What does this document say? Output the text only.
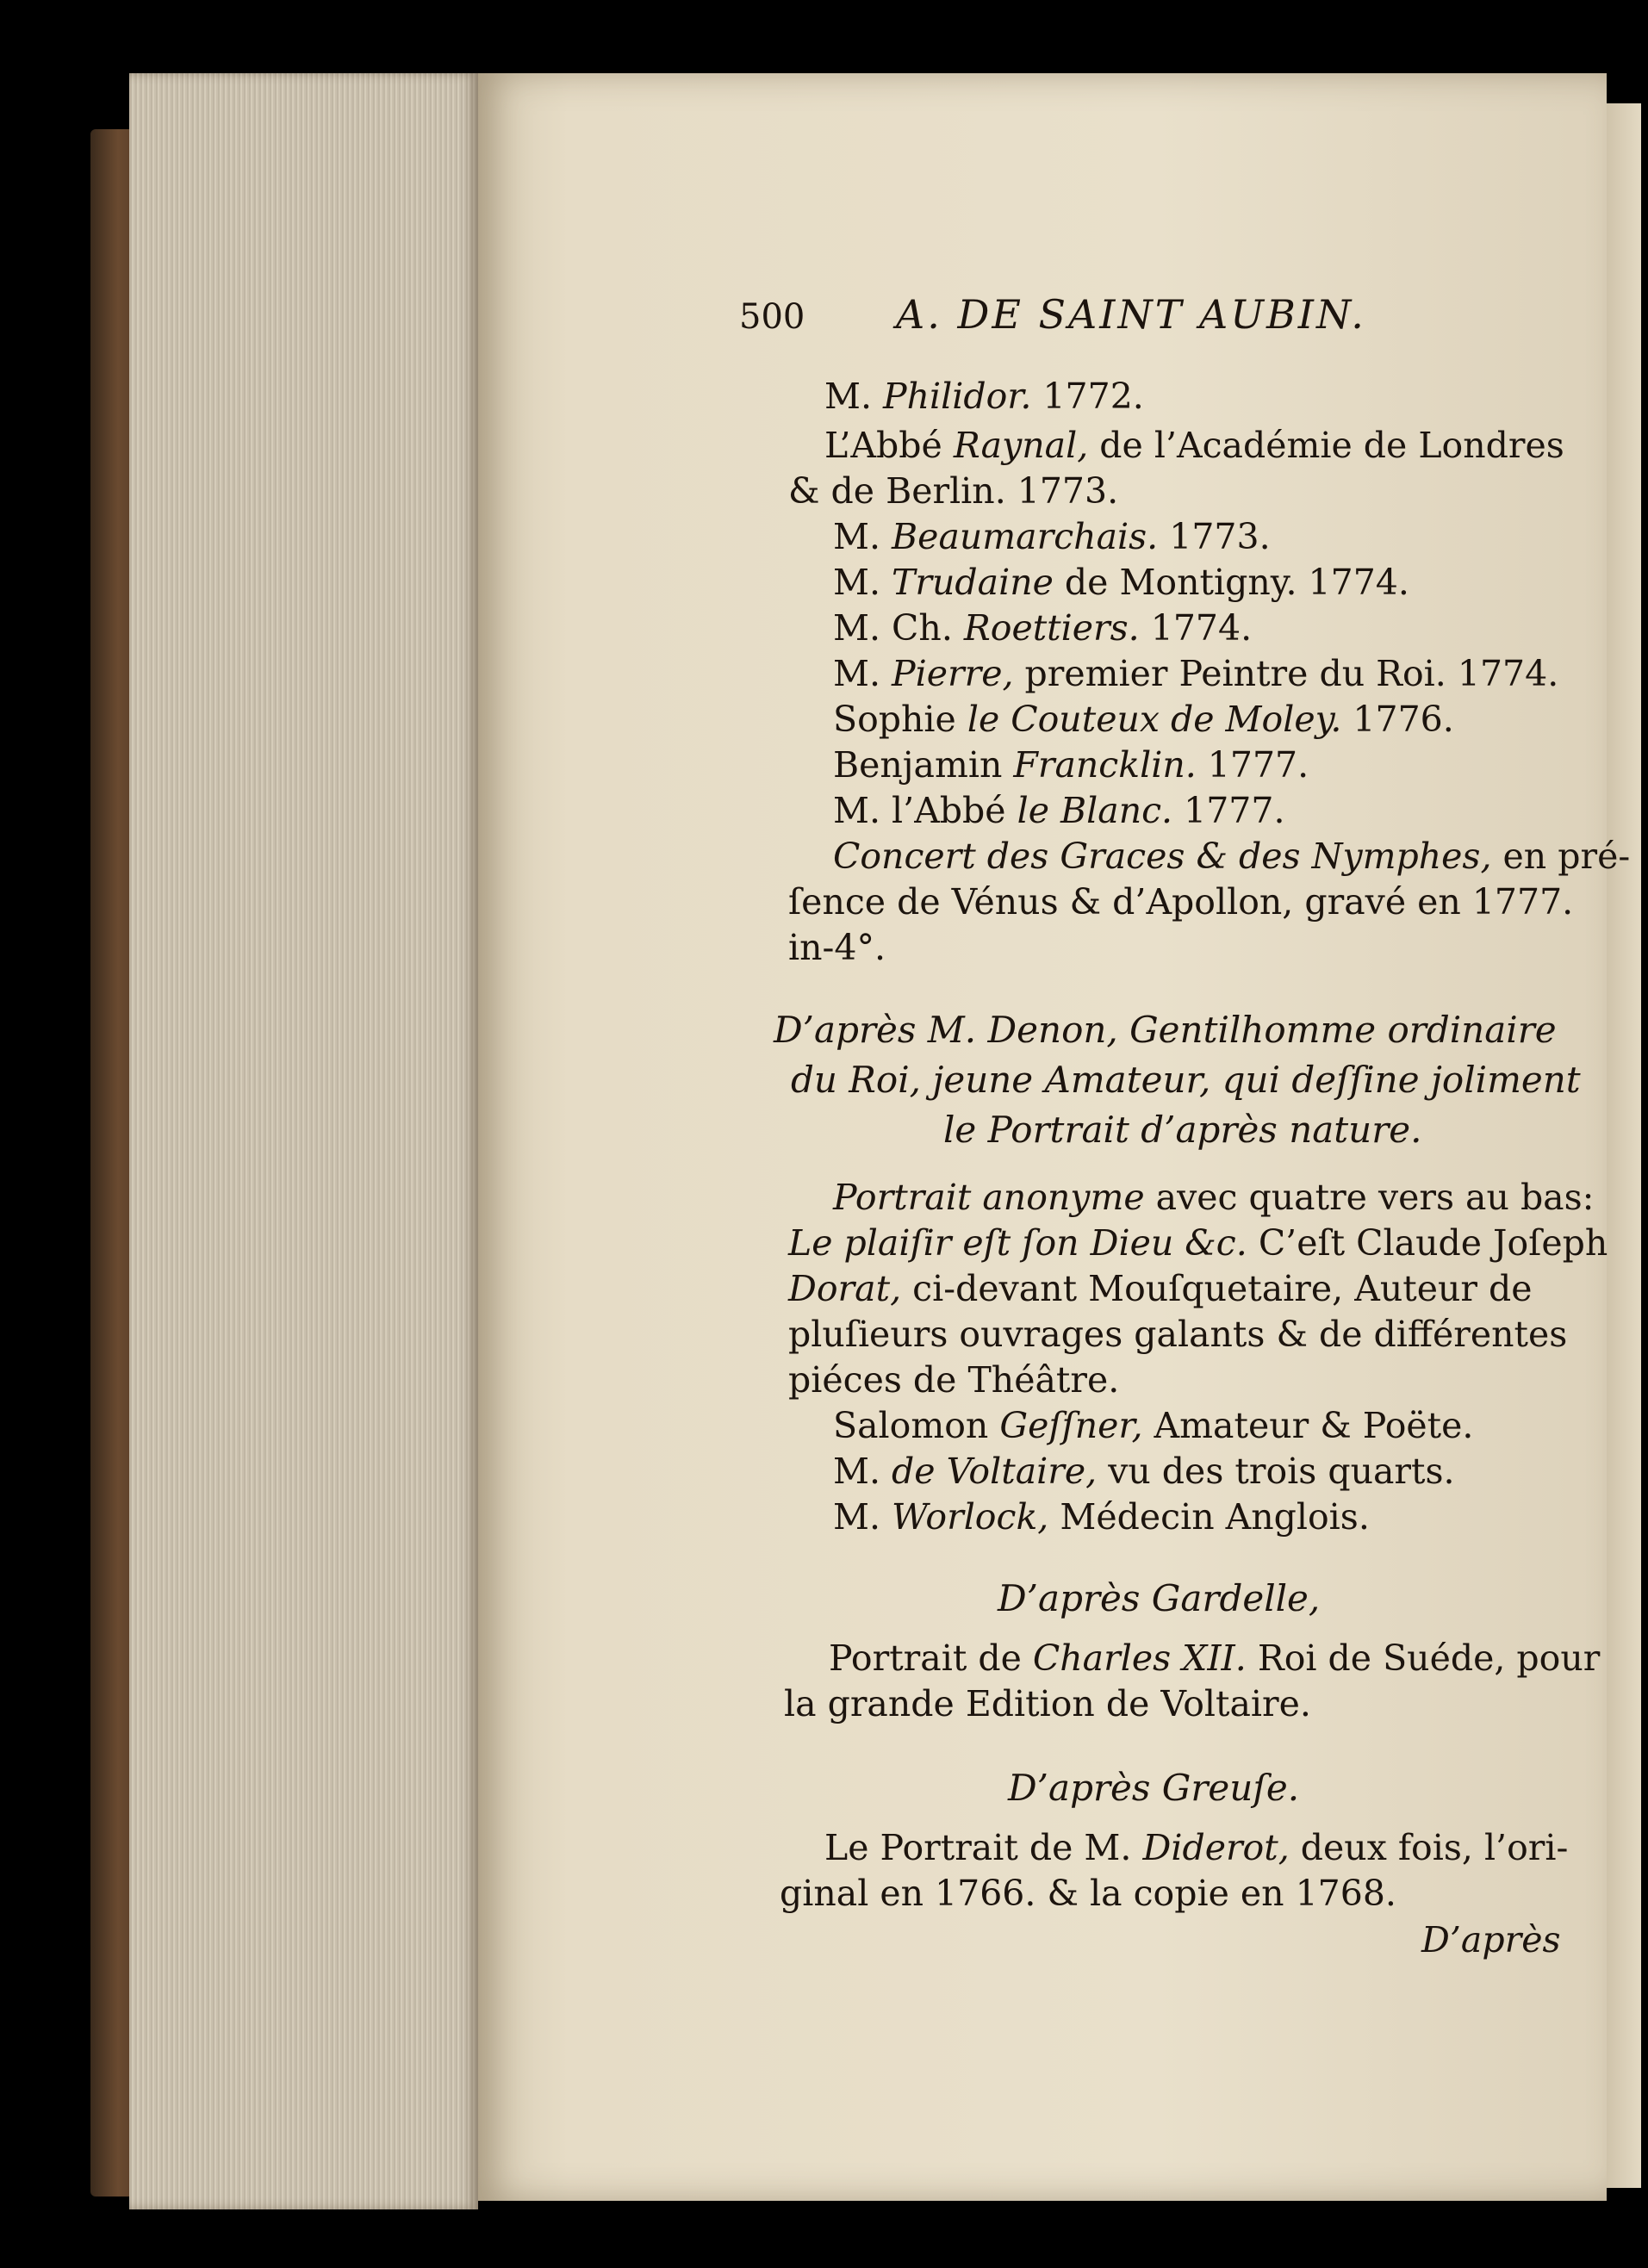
500 A. DE SAINT AUBIN.
M. Philidor. 1772.
L’Abbé Raynal, de l’Académie de Londres
& de Berlin. 1773.
M. Beaumarchais. 1773.
M. Trudaine de Montigny. 1774.
M. Ch. Roettiers. 1774.
M. Pierre, premier Peintre du Roi. 1774.
Sophie le Couteux de Moley. 1776.
Benjamin Francklin. 1777.
M. l’Abbé le Blanc. 1777.
Concert des Graces & des Nymphes, en pré-
ſence de Vénus & d’Apollon, gravé en 1777.
in-4°.
D’après M. Denon, Gentilhomme ordinaire
du Roi, jeune Amateur, qui deſſine joliment
le Portrait d’après nature.
Portrait anonyme avec quatre vers au bas:
Le plaiſir eſt ſon Dieu &c. C’eſt Claude Joſeph
Dorat, ci-devant Mouſquetaire, Auteur de
pluſieurs ouvrages galants & de différentes
piéces de Théâtre.
Salomon Geſſner, Amateur & Poëte.
M. de Voltaire, vu des trois quarts.
M. Worlock, Médecin Anglois.
D’après Gardelle,
Portrait de Charles XII. Roi de Suéde, pour
la grande Edition de Voltaire.
D’après Greuſe.
Le Portrait de M. Diderot, deux fois, l’ori-
ginal en 1766. & la copie en 1768.
D’après
